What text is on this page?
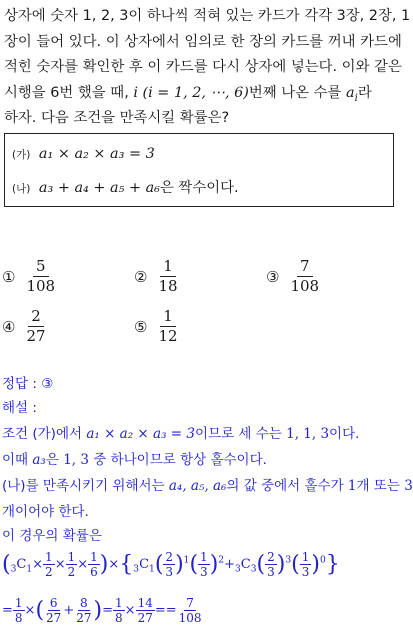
상자에 숫자 1, 2, 3이 하나씩 적혀 있는 카드가 각각 3장, 2장, 1

장이 들어 있다. 이 상자에서 임의로 한 장의 카드를 꺼내 카드에

적힌 숫자를 확인한 후 이 카드를 다시 상자에 넣는다. 이와 같은

시행을 6번 했을 때, i (i = 1, 2, ⋯, 6)번째 나온 수를 $a_i$라

하자. 다음 조건을 만족시킬 확률은?

(가) a₁ × a₂ × a₃ = 3
(나) a₃ + a₄ + a₅ + a₆은 짝수이다.
① $\frac{5}{108}$	② $\frac{1}{18}$	③ $\frac{7}{108}$
④ $\frac{2}{27}$	⑤ $\frac{1}{12}$
정답 : ③
해설 :
조건 (가)에서 a₁ × a₂ × a₃ = 3이므로 세 수는 1, 1, 3이다.
이때 a₃은 1, 3 중 하나이므로 항상 홀수이다.
(나)를 만족시키기 위해서는 a₄, a₅, a₆의 값 중에서 홀수가 1개 또는 3
개이어야 한다.
이 경우의 확률은
$(_3C_1\times \frac{1}{2} \times \frac{1}{2} \times \frac{1}{6} )\times\{_3C_1( \frac{2}{3} )^1( \frac{1}{3} )^2+_3C_3( \frac{2}{3} )^3( \frac{1}{3} )^0\}$
= $\frac{1}{8}$ ×( $\frac{6}{27} + \frac{8}{27}$ )= $\frac{1}{8} \times \frac{14}{27} == \frac{7}{108}$
